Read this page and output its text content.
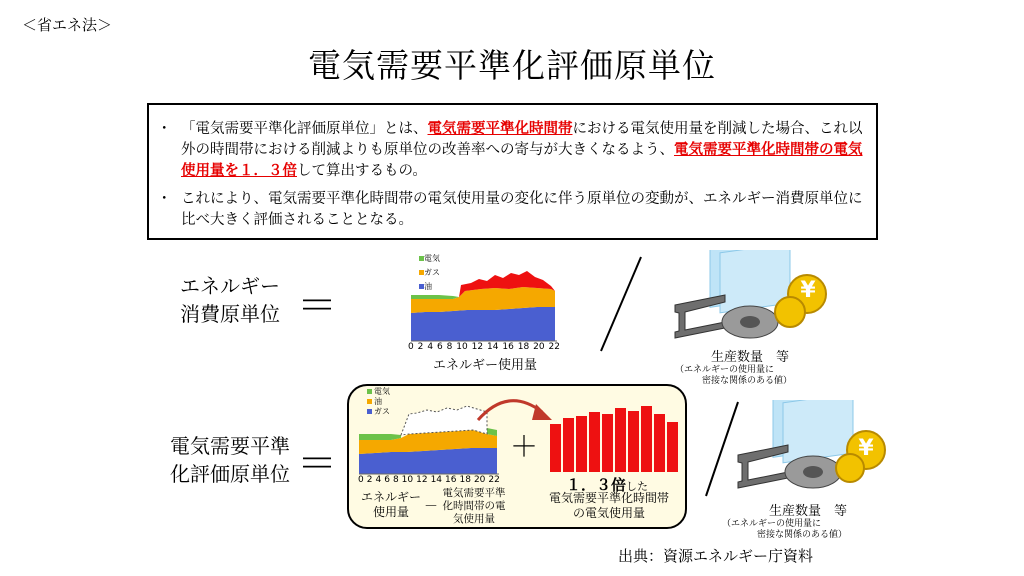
＜省エネ法＞
電気需要平準化評価原単位
・ 「電気需要平準化評価原単位」とは、電気需要平準化時間帯における電気使用量を削減した場合、これ以外の時間帯における削減よりも原単位の改善率への寄与が大きくなるよう、電気需要平準化時間帯の電気使用量を１．３倍して算出するもの。
・ これにより、電気需要平準化時間帯の電気使用量の変化に伴う原単位の変動が、エネルギー消費原単位に比べ大きく評価されることとなる。
エネルギー
消費原単位 ＝
電気
ガス
油
0 2 4 6 8 10 12 14 16 18 20 22
エネルギー使用量
¥
生産数量　等
（エネルギーの使用量に
密接な関係のある値）
電気需要平準
化評価原単位 ＝
電気
油
ガス
0 2 4 6 8 10 12 14 16 18 20 22
エネルギー
使用量	－
電気需要平準
化時間帯の電
気使用量
＋
１．３倍した
電気需要平準化時間帯
の電気使用量
¥
生産数量　等
（エネルギーの使用量に
密接な関係のある値）
出典：資源エネルギー庁資料
